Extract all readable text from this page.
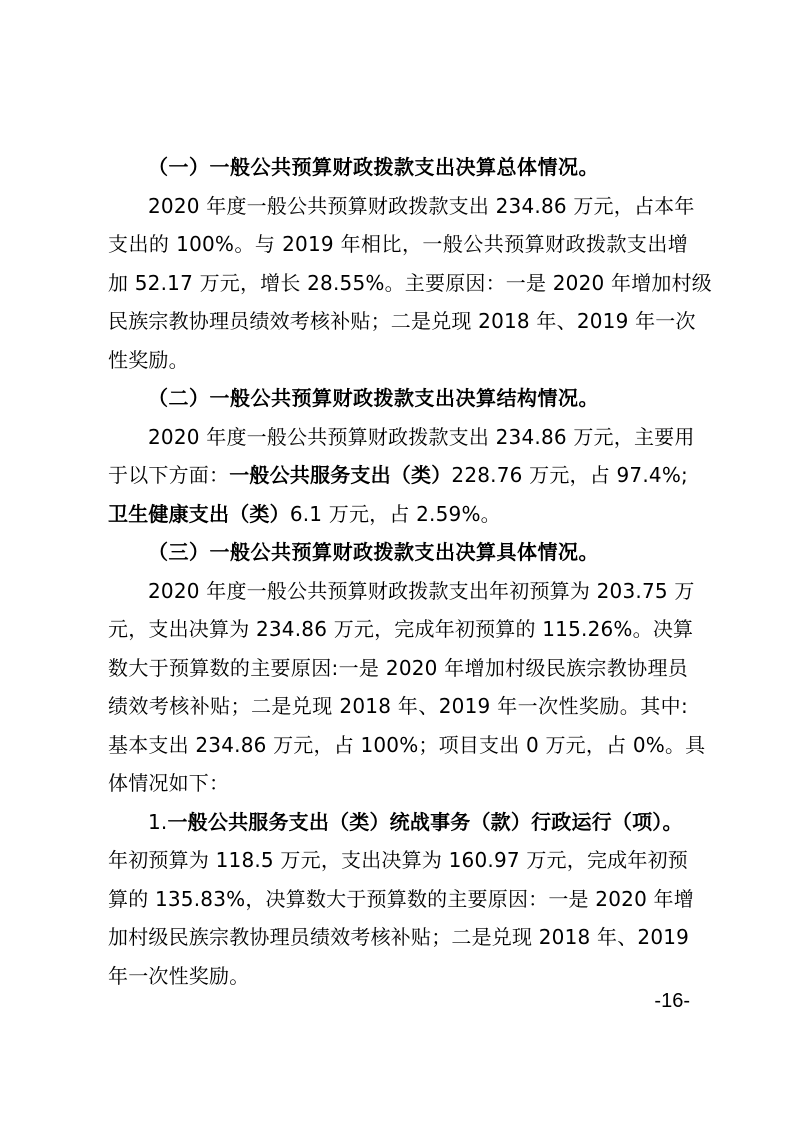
（一）一般公共预算财政拨款支出决算总体情况。
2020 年度一般公共预算财政拨款支出 234.86 万元，占本年
支出的 100%。与 2019 年相比，一般公共预算财政拨款支出增
加 52.17 万元，增长 28.55%。主要原因：一是 2020 年增加村级
民族宗教协理员绩效考核补贴；二是兑现 2018 年、2019 年一次
性奖励。
（二）一般公共预算财政拨款支出决算结构情况。
2020 年度一般公共预算财政拨款支出 234.86 万元，主要用
于以下方面：一般公共服务支出（类）228.76 万元，占 97.4%;
卫生健康支出（类）6.1 万元，占 2.59%。
（三）一般公共预算财政拨款支出决算具体情况。
2020 年度一般公共预算财政拨款支出年初预算为 203.75 万
元，支出决算为 234.86 万元，完成年初预算的 115.26%。决算
数大于预算数的主要原因:一是 2020 年增加村级民族宗教协理员
绩效考核补贴；二是兑现 2018 年、2019 年一次性奖励。其中:
基本支出 234.86 万元，占 100%；项目支出 0 万元，占 0%。具
体情况如下：
1.一般公共服务支出（类）统战事务（款）行政运行（项）。
年初预算为 118.5 万元，支出决算为 160.97 万元，完成年初预
算的 135.83%，决算数大于预算数的主要原因：一是 2020 年增
加村级民族宗教协理员绩效考核补贴；二是兑现 2018 年、2019
年一次性奖励。
-16-
